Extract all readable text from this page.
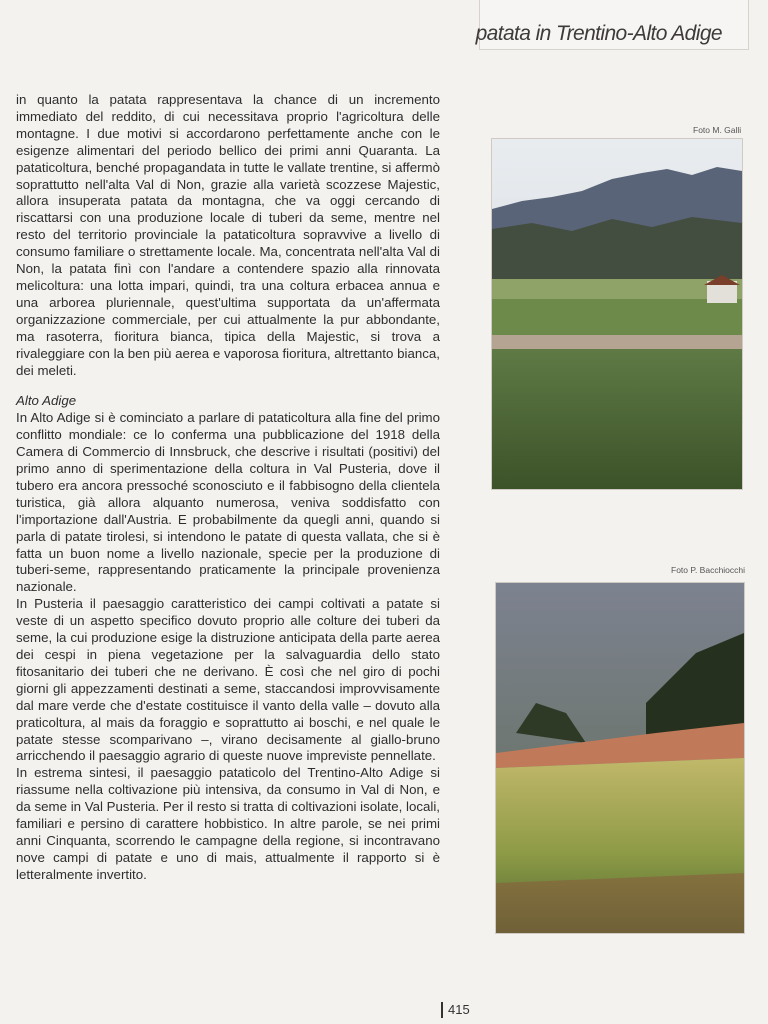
patata in Trentino-Alto Adige

in quanto la patata rappresentava la chance di un incremento immediato del reddito, di cui necessitava proprio l'agricoltura delle montagne. I due motivi si accordarono perfettamente anche con le esigenze alimentari del periodo bellico dei primi anni Quaranta. La pataticoltura, benché propagandata in tutte le vallate trentine, si affermò soprattutto nell'alta Val di Non, grazie alla varietà scozzese Majestic, allora insuperata patata da montagna, che va oggi cercando di riscattarsi con una produzione locale di tuberi da seme, mentre nel resto del territorio provinciale la pataticoltura sopravvive a livello di consumo familiare o strettamente locale. Ma, concentrata nell'alta Val di Non, la patata finì con l'andare a contendere spazio alla rinnovata melicoltura: una lotta impari, quindi, tra una coltura erbacea annua e una arborea pluriennale, quest'ultima supportata da un'affermata organizzazione commerciale, per cui attualmente la pur abbondante, ma rasoterra, fioritura bianca, tipica della Majestic, si trova a rivaleggiare con la ben più aerea e vaporosa fioritura, altrettanto bianca, dei meleti.

Alto Adige

In Alto Adige si è cominciato a parlare di pataticoltura alla fine del primo conflitto mondiale: ce lo conferma una pubblicazione del 1918 della Camera di Commercio di Innsbruck, che descrive i risultati (positivi) del primo anno di sperimentazione della coltura in Val Pusteria, dove il tubero era ancora pressoché sconosciuto e il fabbisogno della clientela turistica, già allora alquanto numerosa, veniva soddisfatto con l'importazione dall'Austria. E probabilmente da quegli anni, quando si parla di patate tirolesi, si intendono le patate di questa vallata, che si è fatta un buon nome a livello nazionale, specie per la produzione di tuberi-seme, rappresentando praticamente la principale provenienza nazionale.

In Pusteria il paesaggio caratteristico dei campi coltivati a patate si veste di un aspetto specifico dovuto proprio alle colture dei tuberi da seme, la cui produzione esige la distruzione anticipata della parte aerea dei cespi in piena vegetazione per la salvaguardia dello stato fitosanitario dei tuberi che ne derivano. È così che nel giro di pochi giorni gli appezzamenti destinati a seme, staccandosi improvvisamente dal mare verde che d'estate costituisce il vanto della valle – dovuto alla praticoltura, al mais da foraggio e soprattutto ai boschi, e nel quale le patate stesse scomparivano –, virano decisamente al giallo-bruno arricchendo il paesaggio agrario di queste nuove impreviste pennellate.

In estrema sintesi, il paesaggio pataticolo del Trentino-Alto Adige si riassume nella coltivazione più intensiva, da consumo in Val di Non, e da seme in Val Pusteria. Per il resto si tratta di coltivazioni isolate, locali, familiari e persino di carattere hobbistico. In altre parole, se nei primi anni Cinquanta, scorrendo le campagne della regione, si incontravano nove campi di patate e uno di mais, attualmente il rapporto si è letteralmente invertito.

Foto M. Galli
Foto P. Bacchiocchi
415
